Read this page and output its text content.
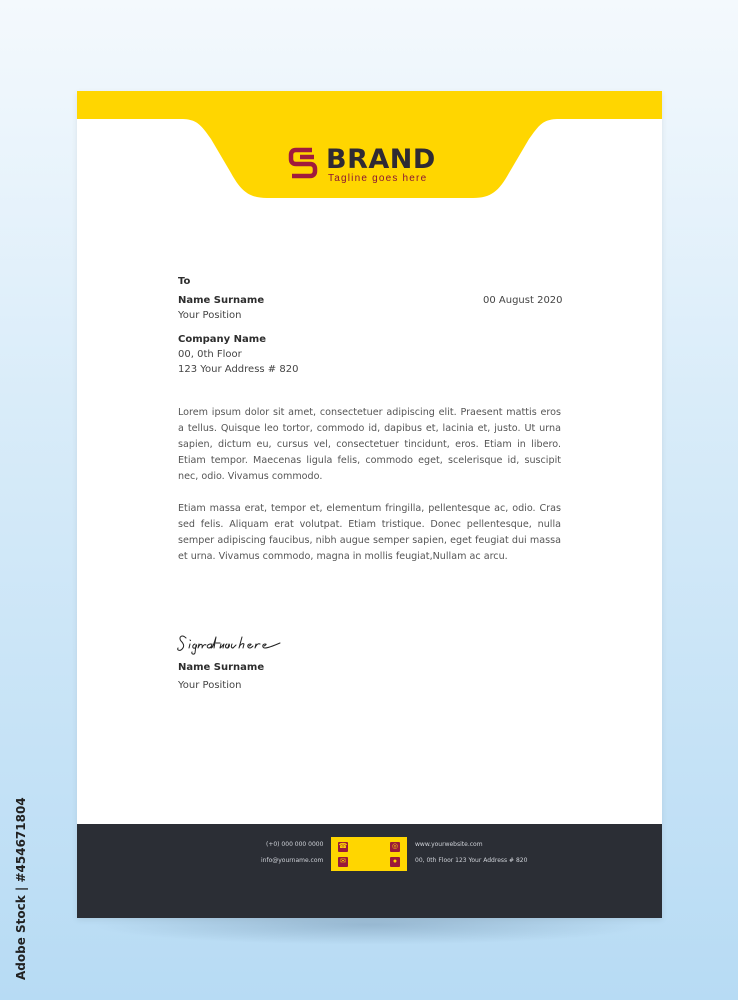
BRAND
Tagline goes here
To
Name Surname
Your Position
00 August 2020
Company Name
00, 0th Floor
123 Your Address # 820
Lorem ipsum dolor sit amet, consectetuer adipiscing elit. Praesent mattis eros a tellus. Quisque leo tortor, commodo id, dapibus et, lacinia et, justo. Ut urna sapien, dictum eu, cursus vel, consectetuer tincidunt, eros. Etiam in libero. Etiam tempor. Maecenas ligula felis, commodo eget, scelerisque id, suscipit nec, odio. Vivamus commodo.
Etiam massa erat, tempor et, elementum fringilla, pellentesque ac, odio. Cras sed felis. Aliquam erat volutpat. Etiam tristique. Donec pellentesque, nulla semper adipiscing faucibus, nibh augue semper sapien, eget feugiat dui massa et urna. Vivamus commodo, magna in mollis feugiat,Nullam ac arcu.
Name Surname
Your Position
(+0) 000 000 0000
info@yourname.com
☎
✉
◎
●
www.yourwebsite.com
00, 0th Floor 123 Your Address # 820
Adobe Stock | #454671804
